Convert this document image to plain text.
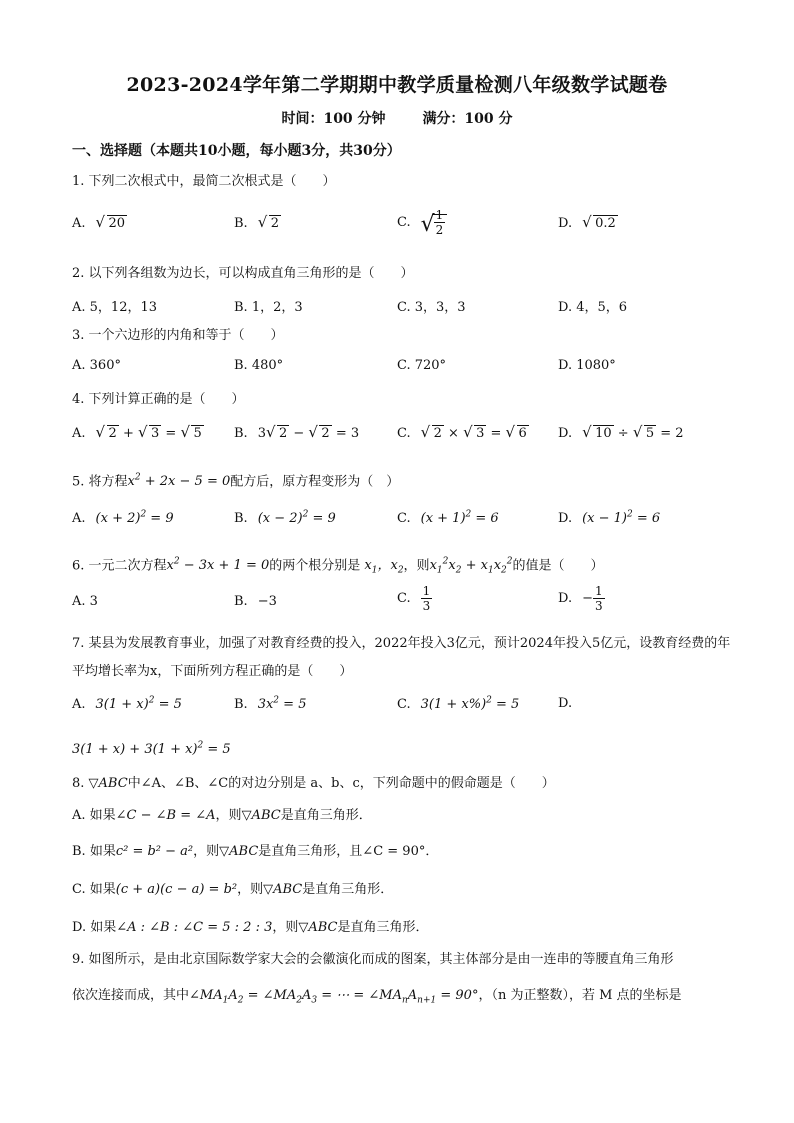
2023-2024学年第二学期期中教学质量检测八年级数学试题卷
时间：100 分钟	满分：100 分
一、选择题（本题共10小题，每小题3分，共30分）
1. 下列二次根式中，最简二次根式是（　　）
A. √ 20	B. √ 2	C. √
$\frac{1}{2}$	D. √ 0.2
2. 以下列各组数为边长，可以构成直角三角形的是（　　）
A. 5，12，13	B. 1，2，3	C. 3，3，3	D. 4，5，6
3. 一个六边形的内角和等于（　　）
A. 360°	B. 480°	C. 720°	D. 1080°
4. 下列计算正确的是（　　）
A. √ 2 + √ 3 = √ 5 B. 3 √ 2 − √ 2 = 3	C. √ 2 × √ 3 = √ 6 D. √ 10 ÷ √ 5 = 2
5. 将方程$x^2 + 2x - 5 = 0$配方后，原方程变形为（　）
A. $(x + 2)^2 = 9$	B. $(x - 2)^2 = 9$	C. $(x + 1)^2 = 6$	D. $(x - 1)^2 = 6$
6. 一元二次方程$x^2 - 3x + 1 = 0$的两个根分别是 $x_1$，$x_2$，则$x_1^2x_2 + x_1x_2^2$的值是（　　）
A. 3	B. −3	C. $\frac{1}{3}$	D. − $\frac{1}{3}$
7. 某县为发展教育事业，加强了对教育经费的投入，2022年投入3亿元，预计2024年投入5亿元，设教育经费的年平均增长率为x，下面所列方程正确的是（　　）
A. $3(1 + x)^2 = 5$	B. $3x^2 = 5$	C. $3(1 + x\%)^2 = 5$	D.
$3(1 + x) + 3(1 + x)^2 = 5$
8. ▽ABC中∠A、∠B、∠C的对边分别是 a、b、c，下列命题中的假命题是（　　）
A. 如果∠C − ∠B = ∠A，则▽ABC是直角三角形．
B. 如果c² = b² − a²，则▽ABC是直角三角形，且∠C = 90°．
C. 如果(c + a)(c − a) = b²，则▽ABC是直角三角形．
D. 如果∠A : ∠B : ∠C = 5 : 2 : 3，则▽ABC是直角三角形．
9. 如图所示，是由北京国际数学家大会的会徽演化而成的图案，其主体部分是由一连串的等腰直角三角形
依次连接而成，其中$\angle MA_1A_2$ = $\angle MA_2A_3$ = ⋯ = $\angle MA_nA_{n+1} = 90^\circ$，（n 为正整数），若 M 点的坐标是
